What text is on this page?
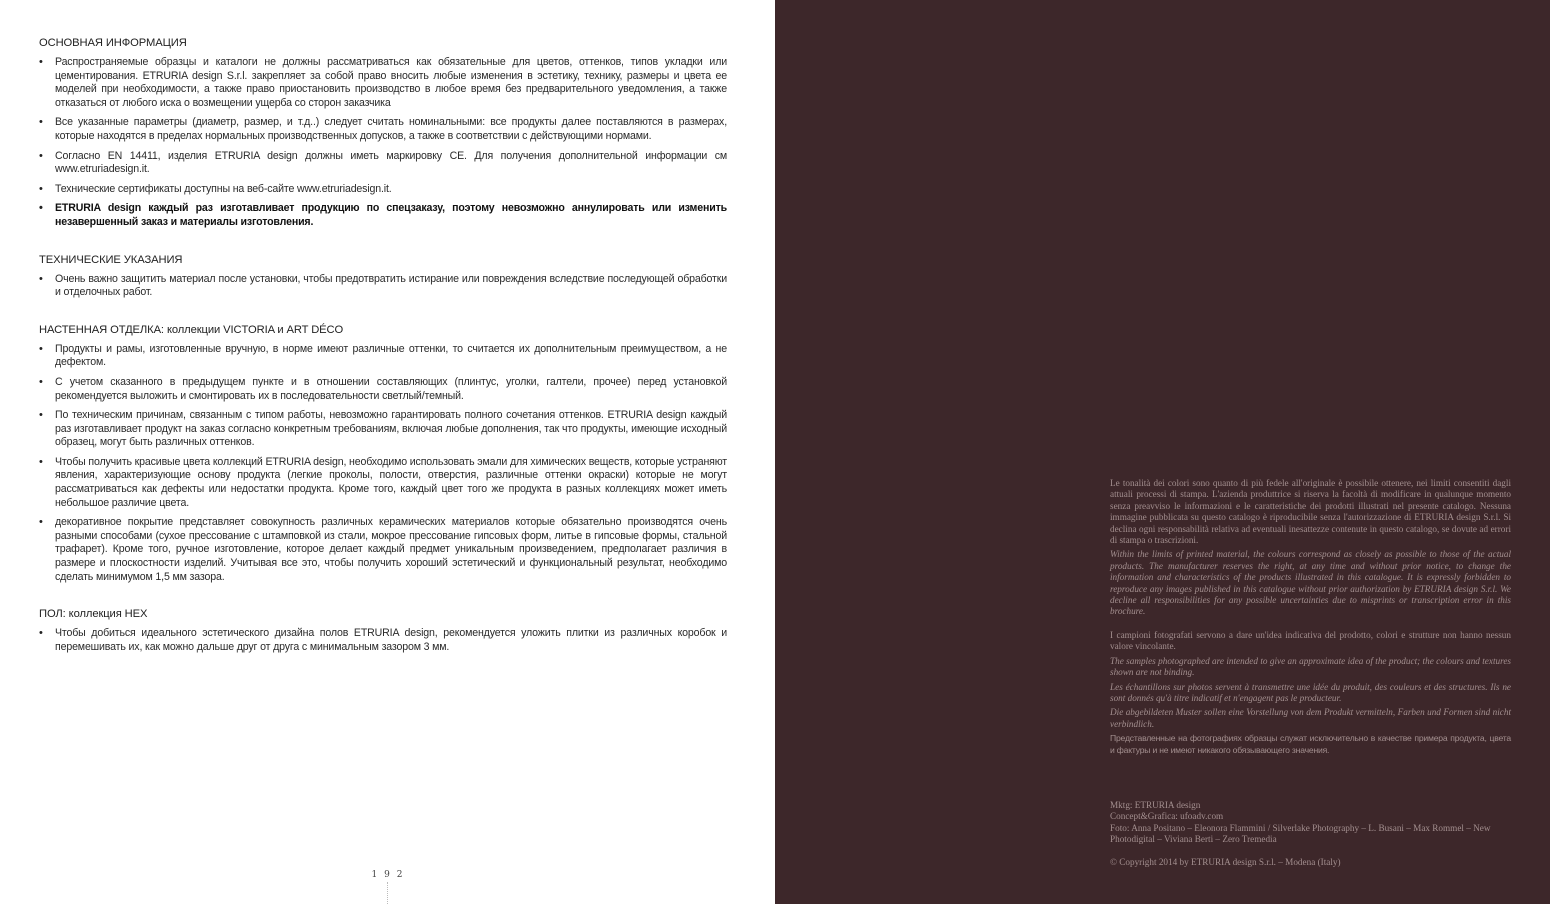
ОСНОВНАЯ ИНФОРМАЦИЯ
• Распространяемые образцы и каталоги не должны рассматриваться как обязательные для цветов, оттенков, типов укладки или цементирования. ETRURIA design S.r.l. закрепляет за собой право вносить любые изменения в эстетику, технику, размеры и цвета ее моделей при необходимости, а также право приостановить производство в любое время без предварительного уведомления, а также отказаться от любого иска о возмещении ущерба со сторон заказчика
• Все указанные параметры (диаметр, размер, и т.д..) следует считать номинальными: все продукты далее поставляются в размерах, которые находятся в пределах нормальных производственных допусков, а также в соответствии с действующими нормами.
• Согласно EN 14411, изделия ETRURIA design должны иметь маркировку CE. Для получения дополнительной информации см www.etruriadesign.it.
• Технические сертификаты доступны на веб-сайте www.etruriadesign.it.
• ETRURIA design каждый раз изготавливает продукцию по спецзаказу, поэтому невозможно аннулировать или изменить незавершенный заказ и материалы изготовления.
ТЕХНИЧЕСКИЕ УКАЗАНИЯ
• Очень важно защитить материал после установки, чтобы предотвратить истирание или повреждения вследствие последующей обработки и отделочных работ.
НАСТЕННАЯ ОТДЕЛКА: коллекции VICTORIA и ART DÉCO
• Продукты и рамы, изготовленные вручную, в норме имеют различные оттенки, то считается их дополнительным преимуществом, а не дефектом.
• С учетом сказанного в предыдущем пункте и в отношении составляющих (плинтус, уголки, галтели, прочее) перед установкой рекомендуется выложить и смонтировать их в последовательности светлый/темный.
• По техническим причинам, связанным с типом работы, невозможно гарантировать полного сочетания оттенков. ETRURIA design каждый раз изготавливает продукт на заказ согласно конкретным требованиям, включая любые дополнения, так что продукты, имеющие исходный образец, могут быть различных оттенков.
• Чтобы получить красивые цвета коллекций ETRURIA design, необходимо использовать эмали для химических веществ, которые устраняют явления, характеризующие основу продукта (легкие проколы, полости, отверстия, различные оттенки окраски) которые не могут рассматриваться как дефекты или недостатки продукта. Кроме того, каждый цвет того же продукта в разных коллекциях может иметь небольшое различие цвета.
• декоративное покрытие представляет совокупность различных керамических материалов которые обязательно производятся очень разными способами (сухое прессование с штамповкой из стали, мокрое прессование гипсовых форм, литье в гипсовые формы, стальной трафарет). Кроме того, ручное изготовление, которое делает каждый предмет уникальным произведением, предполагает различия в размере и плоскостности изделий. Учитывая все это, чтобы получить хороший эстетический и функциональный результат, необходимо сделать минимумом 1,5 мм зазора.
ПОЛ: коллекция HEX
• Чтобы добиться идеального эстетического дизайна полов ETRURIA design, рекомендуется уложить плитки из различных коробок и перемешивать их, как можно дальше друг от друга с минимальным зазором 3 мм.
1 9 2

Le tonalità dei colori sono quanto di più fedele all'originale è possibile ottenere, nei limiti consentiti dagli attuali processi di stampa. L'azienda produttrice si riserva la facoltà di modificare in qualunque momento senza preavviso le informazioni e le caratteristiche dei prodotti illustrati nel presente catalogo. Nessuna immagine pubblicata su questo catalogo è riproducibile senza l'autorizzazione di ETRURIA design S.r.l. Si declina ogni responsabilità relativa ad eventuali inesattezze contenute in questo catalogo, se dovute ad errori di stampa o trascrizioni.

Within the limits of printed material, the colours correspond as closely as possible to those of the actual products. The manufacturer reserves the right, at any time and without prior notice, to change the information and characteristics of the products illustrated in this catalogue. It is expressly forbidden to reproduce any images published in this catalogue without prior authorization by ETRURIA design S.r.l. We decline all responsibilities for any possible uncertainties due to misprints or transcription error in this brochure.

I campioni fotografati servono a dare un'idea indicativa del prodotto, colori e strutture non hanno nessun valore vincolante.

The samples photographed are intended to give an approximate idea of the product; the colours and textures shown are not binding.

Les échantillons sur photos servent à transmettre une idée du produit, des couleurs et des structures. Ils ne sont donnés qu'à titre indicatif et n'engagent pas le producteur.

Die abgebildeten Muster sollen eine Vorstellung von dem Produkt vermitteln, Farben und Formen sind nicht verbindlich.

Представленные на фотографиях образцы служат исключительно в качестве примера продукта, цвета и фактуры и не имеют никакого обязывающего значения.

Mktg: ETRURIA design
Concept&Grafica: ufoadv.com
Foto: Anna Positano – Eleonora Flammini / Silverlake Photography – L. Busani – Max Rommel – New Photodigital – Viviana Berti – Zero Tremedia
© Copyright 2014 by ETRURIA design S.r.l. – Modena (Italy)
